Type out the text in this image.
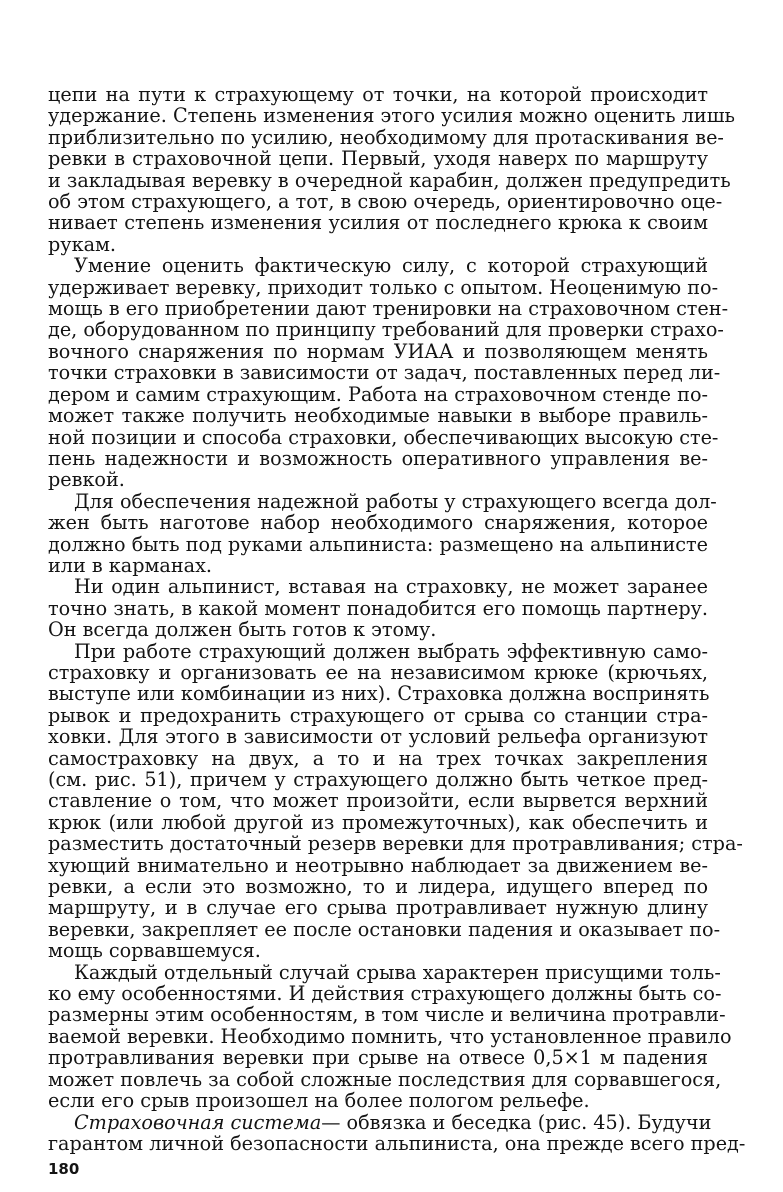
цепи на пути к страхующему от точки, на которой происходит
удержание. Степень изменения этого усилия можно оценить лишь
приблизительно по усилию, необходимому для протаскивания ве-
ревки в страховочной цепи. Первый, уходя наверх по маршруту
и закладывая веревку в очередной карабин, должен предупредить
об этом страхующего, а тот, в свою очередь, ориентировочно оце-
нивает степень изменения усилия от последнего крюка к своим
рукам.
Умение оценить фактическую силу, с которой страхующий
удерживает веревку, приходит только с опытом. Неоценимую по-
мощь в его приобретении дают тренировки на страховочном стен-
де, оборудованном по принципу требований для проверки страхо-
вочного снаряжения по нормам УИАА и позволяющем менять
точки страховки в зависимости от задач, поставленных перед ли-
дером и самим страхующим. Работа на страховочном стенде по-
может также получить необходимые навыки в выборе правиль-
ной позиции и способа страховки, обеспечивающих высокую сте-
пень надежности и возможность оперативного управления ве-
ревкой.
Для обеспечения надежной работы у страхующего всегда дол-
жен быть наготове набор необходимого снаряжения, которое
должно быть под руками альпиниста: размещено на альпинисте
или в карманах.
Ни один альпинист, вставая на страховку, не может заранее
точно знать, в какой момент понадобится его помощь партнеру.
Он всегда должен быть готов к этому.
При работе страхующий должен выбрать эффективную само-
страховку и организовать ее на независимом крюке (крючьях,
выступе или комбинации из них). Страховка должна воспринять
рывок и предохранить страхующего от срыва со станции стра-
ховки. Для этого в зависимости от условий рельефа организуют
самостраховку на двух, а то и на трех точках закрепления
(см. рис. 51), причем у страхующего должно быть четкое пред-
ставление о том, что может произойти, если вырвется верхний
крюк (или любой другой из промежуточных), как обеспечить и
разместить достаточный резерв веревки для протравливания; стра-
хующий внимательно и неотрывно наблюдает за движением ве-
ревки, а если это возможно, то и лидера, идущего вперед по
маршруту, и в случае его срыва протравливает нужную длину
веревки, закрепляет ее после остановки падения и оказывает по-
мощь сорвавшемуся.
Каждый отдельный случай срыва характерен присущими толь-
ко ему особенностями. И действия страхующего должны быть со-
размерны этим особенностям, в том числе и величина протравли-
ваемой веревки. Необходимо помнить, что установленное правило
протравливания веревки при срыве на отвесе 0,5×1 м падения
может повлечь за собой сложные последствия для сорвавшегося,
если его срыв произошел на более пологом рельефе.
Страховочная система— обвязка и беседка (рис. 45). Будучи
гарантом личной безопасности альпиниста, она прежде всего пред-
180
